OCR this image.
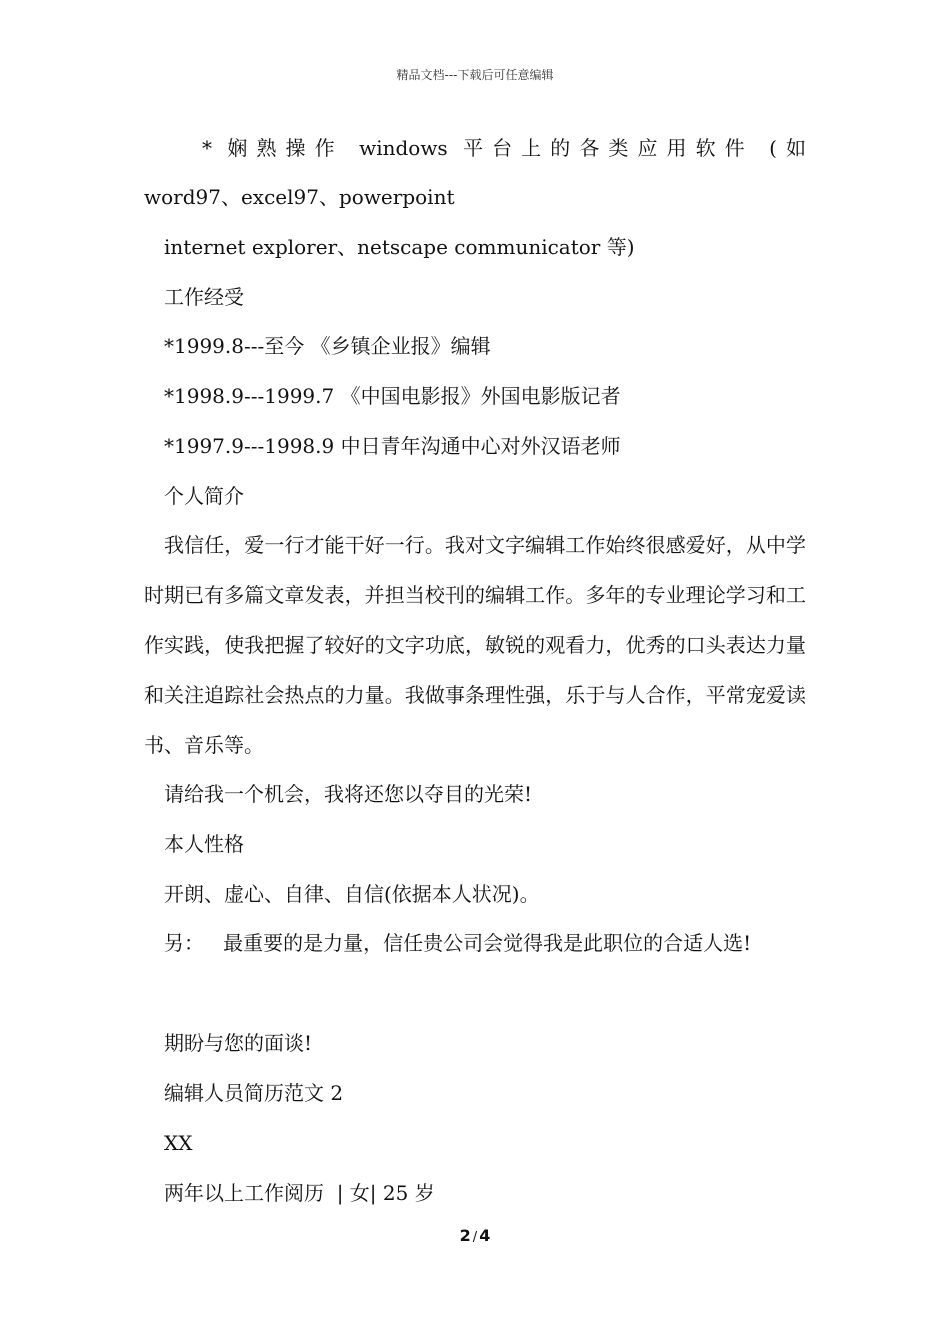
精品文档---下载后可任意编辑
* 娴熟操作 windows 平台上的各类应用软件 (如
word97、excel97、powerpoint
internet explorer、netscape communicator 等)
工作经受
*1999.8---至今 《乡镇企业报》编辑
*1998.9---1999.7 《中国电影报》外国电影版记者
*1997.9---1998.9 中日青年沟通中心对外汉语老师
个人简介
我信任，爱一行才能干好一行。我对文字编辑工作始终很感爱好，从中学时期已有多篇文章发表，并担当校刊的编辑工作。多年的专业理论学习和工作实践，使我把握了较好的文字功底，敏锐的观看力，优秀的口头表达力量和关注追踪社会热点的力量。我做事条理性强，乐于与人合作，平常宠爱读书、音乐等。
请给我一个机会，我将还您以夺目的光荣!
本人性格
开朗、虚心、自律、自信(依据本人状况)。
另：   最重要的是力量，信任贵公司会觉得我是此职位的合适人选!
期盼与您的面谈!
编辑人员简历范文 2
XX
两年以上工作阅历  | 女| 25 岁
2 / 4
